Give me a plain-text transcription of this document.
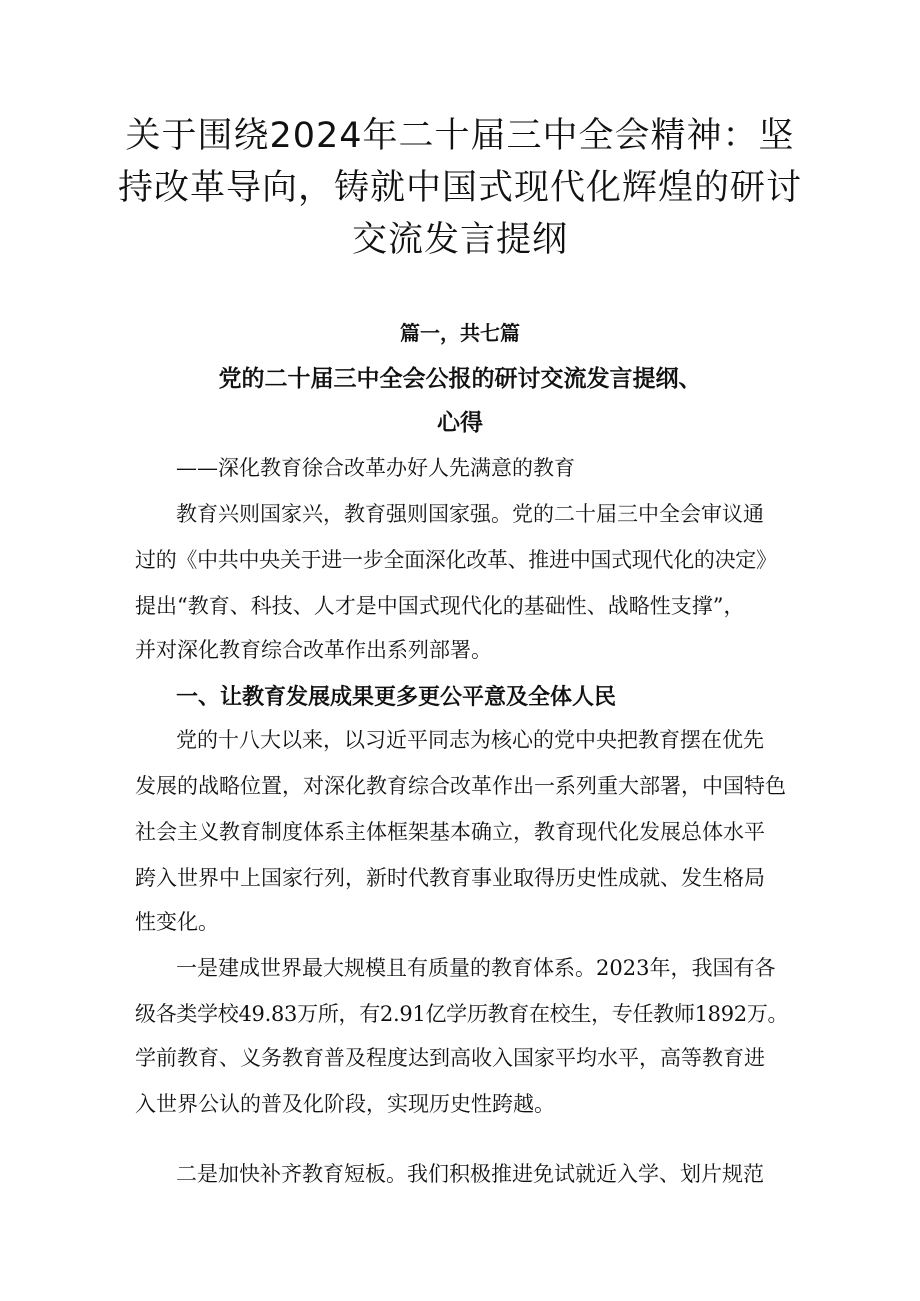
关于围绕2024年二十届三中全会精神：坚
持改革导向，铸就中国式现代化辉煌的研讨
交流发言提纲
篇一，共七篇
党的二十届三中全会公报的研讨交流发言提纲、
心得
——深化教育徐合改革办好人先满意的教育
教育兴则国家兴，教育强则国家强。党的二十届三中全会审议通
过的《中共中央关于进一步全面深化改革、推进中国式现代化的决定》
提出“教育、科技、人才是中国式现代化的基础性、战略性支撑”，
并对深化教育综合改革作出系列部署。
党的十八大以来，以习近平同志为核心的党中央把教育摆在优先
发展的战略位置，对深化教育综合改革作出一系列重大部署，中国特色
社会主义教育制度体系主体框架基本确立，教育现代化发展总体水平
跨入世界中上国家行列，新时代教育事业取得历史性成就、发生格局
性变化。
一是建成世界最大规模且有质量的教育体系。2023年，我国有各
级各类学校49.83万所，有2.91亿学历教育在校生，专任教师1892万。
学前教育、义务教育普及程度达到高收入国家平均水平，高等教育进
入世界公认的普及化阶段，实现历史性跨越。
二是加快补齐教育短板。我们积极推进免试就近入学、划片规范
一、让教育发展成果更多更公平意及全体人民
